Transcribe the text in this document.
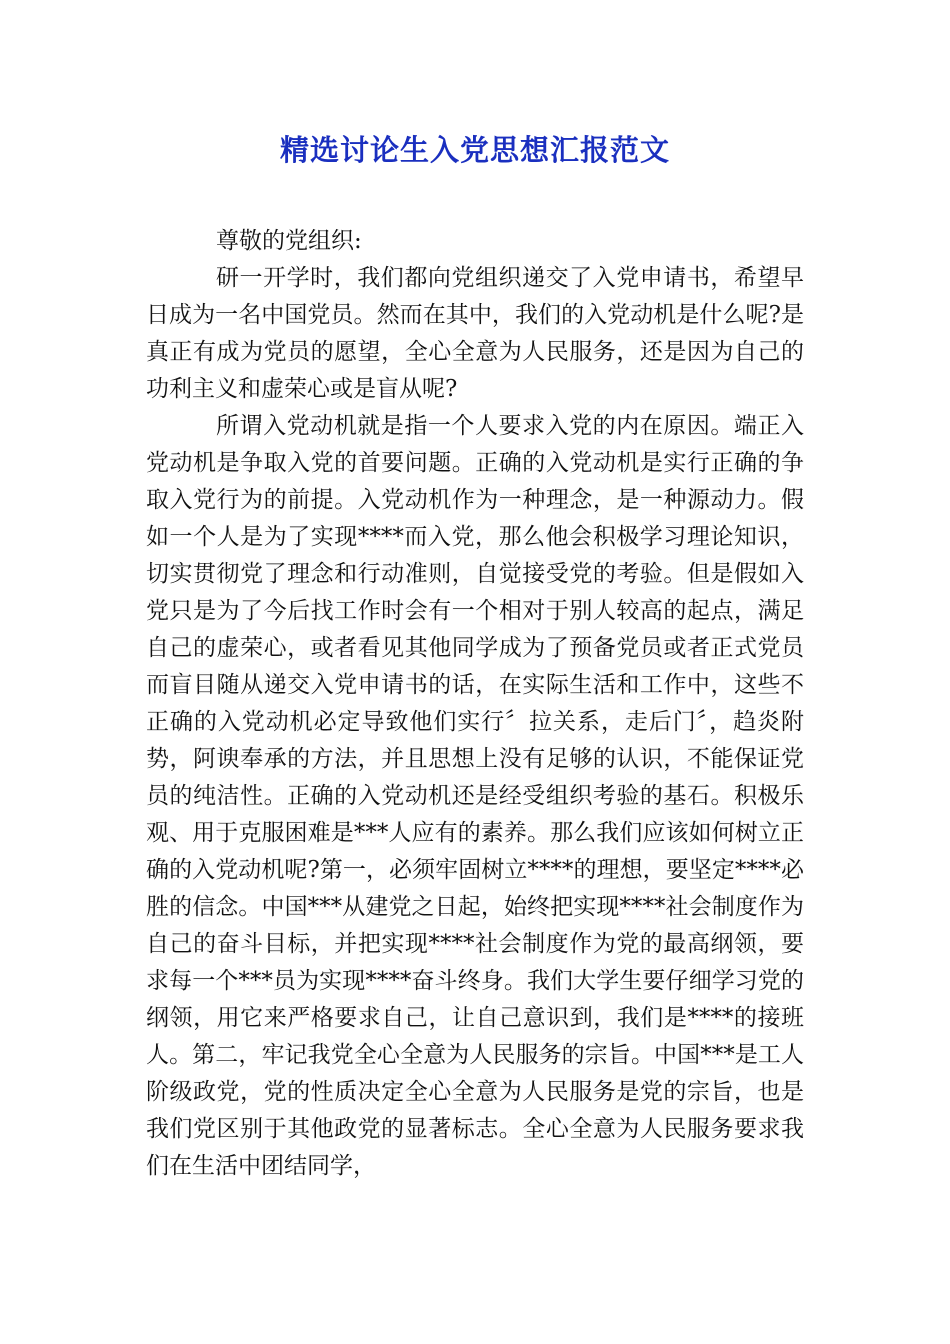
精选讨论生入党思想汇报范文

尊敬的党组织:

研一开学时，我们都向党组织递交了入党申请书，希望早日成为一名中国党员。然而在其中，我们的入党动机是什么呢?是真正有成为党员的愿望，全心全意为人民服务，还是因为自己的功利主义和虚荣心或是盲从呢?

所谓入党动机就是指一个人要求入党的内在原因。端正入党动机是争取入党的首要问题。正确的入党动机是实行正确的争取入党行为的前提。入党动机作为一种理念，是一种源动力。假如一个人是为了实现****而入党，那么他会积极学习理论知识，切实贯彻党了理念和行动准则，自觉接受党的考验。但是假如入党只是为了今后找工作时会有一个相对于别人较高的起点，满足自己的虚荣心，或者看见其他同学成为了预备党员或者正式党员而盲目随从递交入党申请书的话，在实际生活和工作中，这些不正确的入党动机必定导致他们实行〞拉关系，走后门〞，趋炎附势，阿谀奉承的方法，并且思想上没有足够的认识，不能保证党员的纯洁性。正确的入党动机还是经受组织考验的基石。积极乐观、用于克服困难是***人应有的素养。那么我们应该如何树立正确的入党动机呢?第一，必须牢固树立****的理想，要坚定****必胜的信念。中国***从建党之日起，始终把实现****社会制度作为自己的奋斗目标，并把实现****社会制度作为党的最高纲领，要求每一个***员为实现****奋斗终身。我们大学生要仔细学习党的纲领，用它来严格要求自己，让自己意识到，我们是****的接班人。第二，牢记我党全心全意为人民服务的宗旨。中国***是工人阶级政党，党的性质决定全心全意为人民服务是党的宗旨，也是我们党区别于其他政党的显著标志。全心全意为人民服务要求我们在生活中团结同学，
